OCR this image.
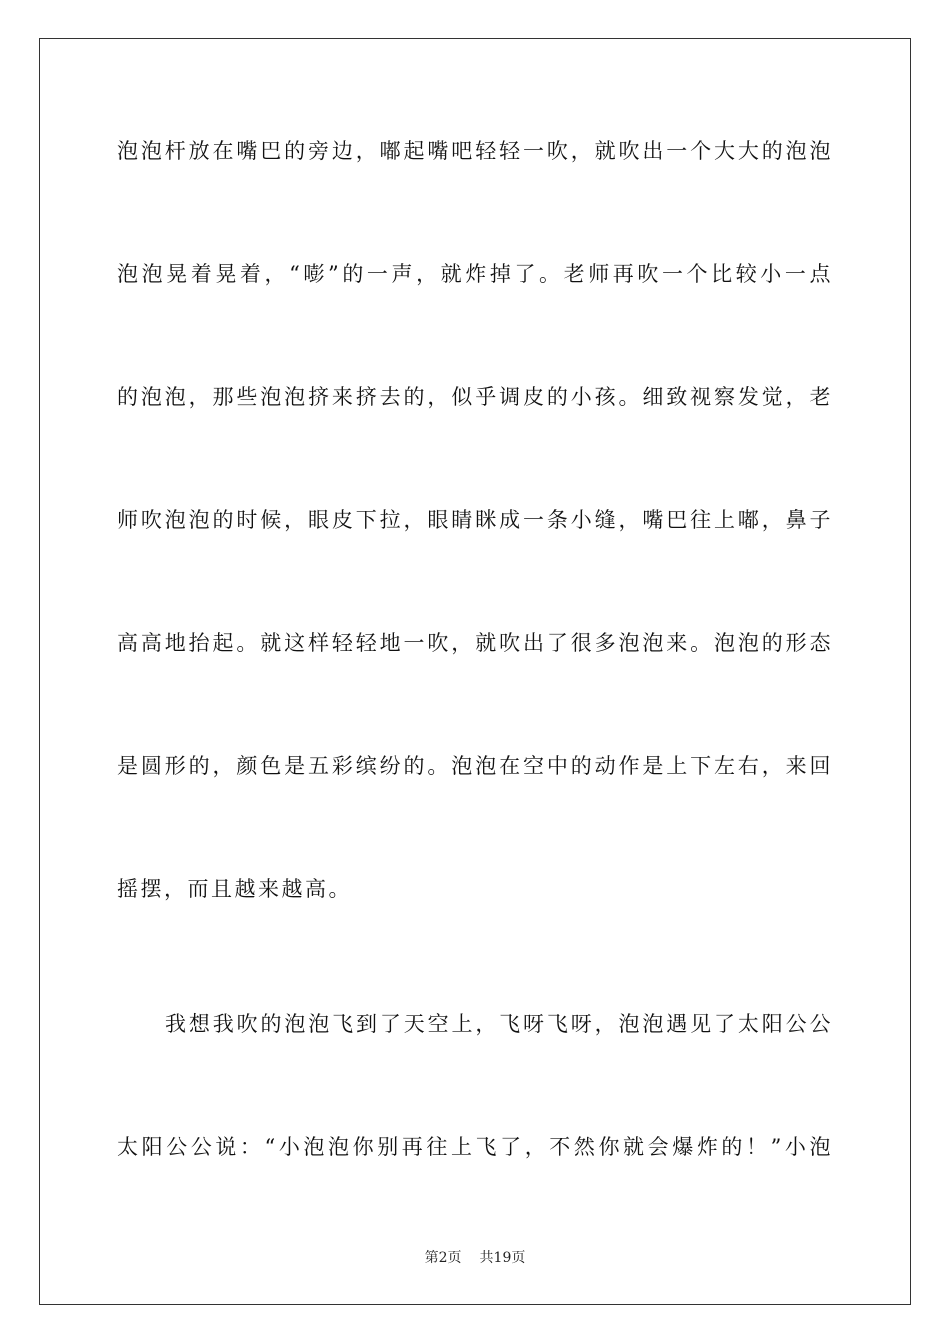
泡泡杆放在嘴巴的旁边，嘟起嘴吧轻轻一吹，就吹出一个大大的泡泡
泡泡晃着晃着，“嘭”的一声，就炸掉了。老师再吹一个比较小一点
的泡泡，那些泡泡挤来挤去的，似乎调皮的小孩。细致视察发觉，老
师吹泡泡的时候，眼皮下拉，眼睛眯成一条小缝，嘴巴往上嘟，鼻子
高高地抬起。就这样轻轻地一吹，就吹出了很多泡泡来。泡泡的形态
是圆形的，颜色是五彩缤纷的。泡泡在空中的动作是上下左右，来回
摇摆，而且越来越高。
我想我吹的泡泡飞到了天空上，飞呀飞呀，泡泡遇见了太阳公公
太阳公公说：“小泡泡你别再往上飞了，不然你就会爆炸的！”小泡
第2页 共19页
